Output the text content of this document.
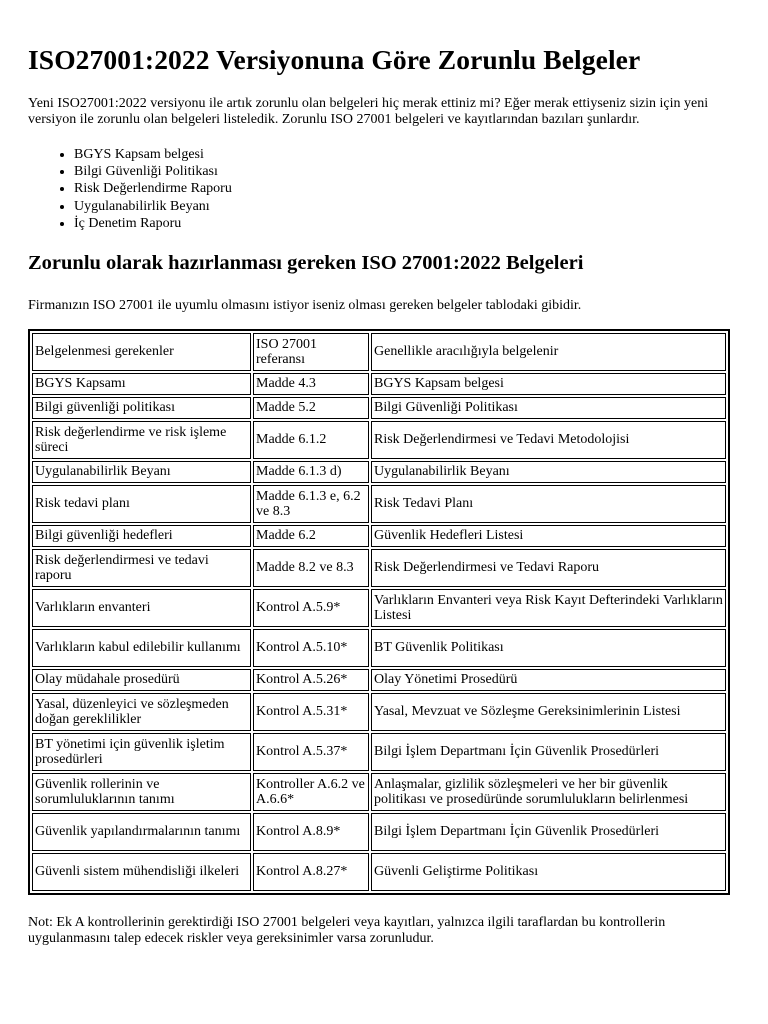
ISO27001:2022 Versiyonuna Göre Zorunlu Belgeler

Yeni ISO27001:2022 versiyonu ile artık zorunlu olan belgeleri hiç merak ettiniz mi? Eğer merak ettiyseniz sizin için yeni versiyon ile zorunlu olan belgeleri listeledik. Zorunlu ISO 27001 belgeleri ve kayıtlarından bazıları şunlardır.

• BGYS Kapsam belgesi
• Bilgi Güvenliği Politikası
• Risk Değerlendirme Raporu
• Uygulanabilirlik Beyanı
• İç Denetim Raporu
Zorunlu olarak hazırlanması gereken ISO 27001:2022 Belgeleri

Firmanızın ISO 27001 ile uyumlu olmasını istiyor iseniz olması gereken belgeler tablodaki gibidir.

Belgelenmesi gerekenler	ISO 27001 referansı	Genellikle aracılığıyla belgelenir
BGYS Kapsamı	Madde 4.3	BGYS Kapsam belgesi
Bilgi güvenliği politikası	Madde 5.2	Bilgi Güvenliği Politikası
Risk değerlendirme ve risk işleme süreci	Madde 6.1.2	Risk Değerlendirmesi ve Tedavi Metodolojisi
Uygulanabilirlik Beyanı	Madde 6.1.3 d)	Uygulanabilirlik Beyanı
Risk tedavi planı	Madde 6.1.3 e, 6.2 ve 8.3	Risk Tedavi Planı
Bilgi güvenliği hedefleri	Madde 6.2	Güvenlik Hedefleri Listesi
Risk değerlendirmesi ve tedavi raporu	Madde 8.2 ve 8.3	Risk Değerlendirmesi ve Tedavi Raporu
Varlıkların envanteri	Kontrol A.5.9*	Varlıkların Envanteri veya Risk Kayıt Defterindeki Varlıkların Listesi
Varlıkların kabul edilebilir kullanımı	Kontrol A.5.10*	BT Güvenlik Politikası
Olay müdahale prosedürü	Kontrol A.5.26*	Olay Yönetimi Prosedürü
Yasal, düzenleyici ve sözleşmeden doğan gereklilikler	Kontrol A.5.31*	Yasal, Mevzuat ve Sözleşme Gereksinimlerinin Listesi
BT yönetimi için güvenlik işletim prosedürleri	Kontrol A.5.37*	Bilgi İşlem Departmanı İçin Güvenlik Prosedürleri
Güvenlik rollerinin ve sorumluluklarının tanımı	Kontroller A.6.2 ve A.6.6*	Anlaşmalar, gizlilik sözleşmeleri ve her bir güvenlik politikası ve prosedüründe sorumlulukların belirlenmesi
Güvenlik yapılandırmalarının tanımı	Kontrol A.8.9*	Bilgi İşlem Departmanı İçin Güvenlik Prosedürleri
Güvenli sistem mühendisliği ilkeleri	Kontrol A.8.27*	Güvenli Geliştirme Politikası

Not: Ek A kontrollerinin gerektirdiği ISO 27001 belgeleri veya kayıtları, yalnızca ilgili taraflardan bu kontrollerin uygulanmasını talep edecek riskler veya gereksinimler varsa zorunludur.
